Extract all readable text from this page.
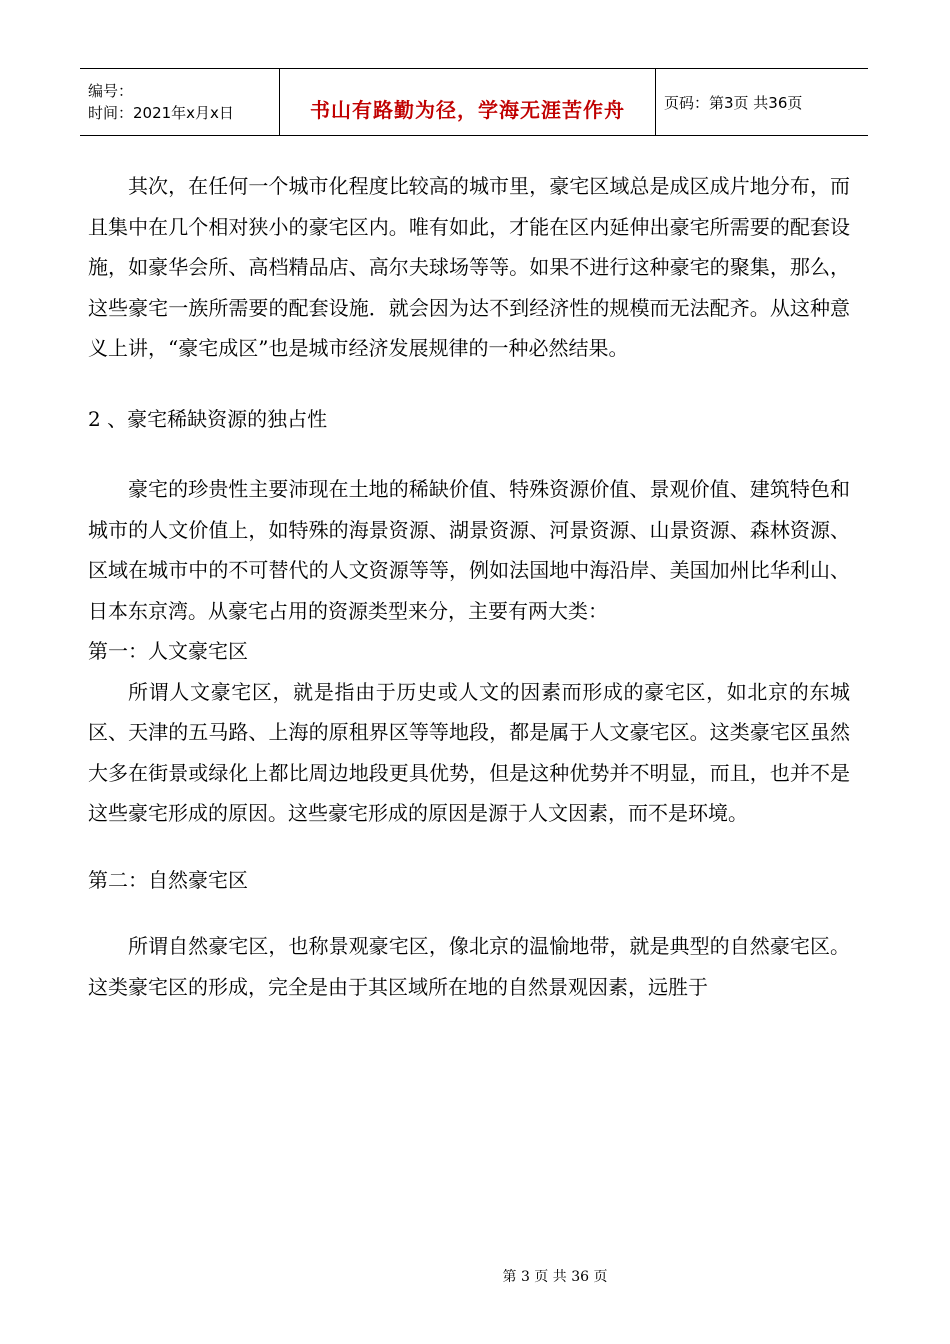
编号：
时间：2021年x月x日	书山有路勤为径，学海无涯苦作舟	页码：第3页 共36页

其次，在任何一个城市化程度比较高的城市里，豪宅区域总是成区成片地分布，而且集中在几个相对狭小的豪宅区内。唯有如此，才能在区内延伸出豪宅所需要的配套设施，如豪华会所、高档精品店、高尔夫球场等等。如果不进行这种豪宅的聚集，那么，这些豪宅一族所需要的配套设施．就会因为达不到经济性的规模而无法配齐。从这种意义上讲，“豪宅成区”也是城市经济发展规律的一种必然结果。

2 、豪宅稀缺资源的独占性

豪宅的珍贵性主要沛现在土地的稀缺价值、特殊资源价值、景观价值、建筑特色和城市的人文价值上，如特殊的海景资源、湖景资源、河景资源、山景资源、森林资源、区域在城市中的不可替代的人文资源等等，例如法国地中海沿岸、美国加州比华利山、日本东京湾。从豪宅占用的资源类型来分，主要有两大类：

第一：人文豪宅区

所谓人文豪宅区，就是指由于历史或人文的因素而形成的豪宅区，如北京的东城区、天津的五马路、上海的原租界区等等地段，都是属于人文豪宅区。这类豪宅区虽然大多在街景或绿化上都比周边地段更具优势，但是这种优势并不明显，而且，也并不是这些豪宅形成的原因。这些豪宅形成的原因是源于人文因素，而不是环境。

第二：自然豪宅区

所谓自然豪宅区，也称景观豪宅区，像北京的温愉地带，就是典型的自然豪宅区。这类豪宅区的形成，完全是由于其区域所在地的自然景观因素，远胜于

第 3 页 共 36 页
